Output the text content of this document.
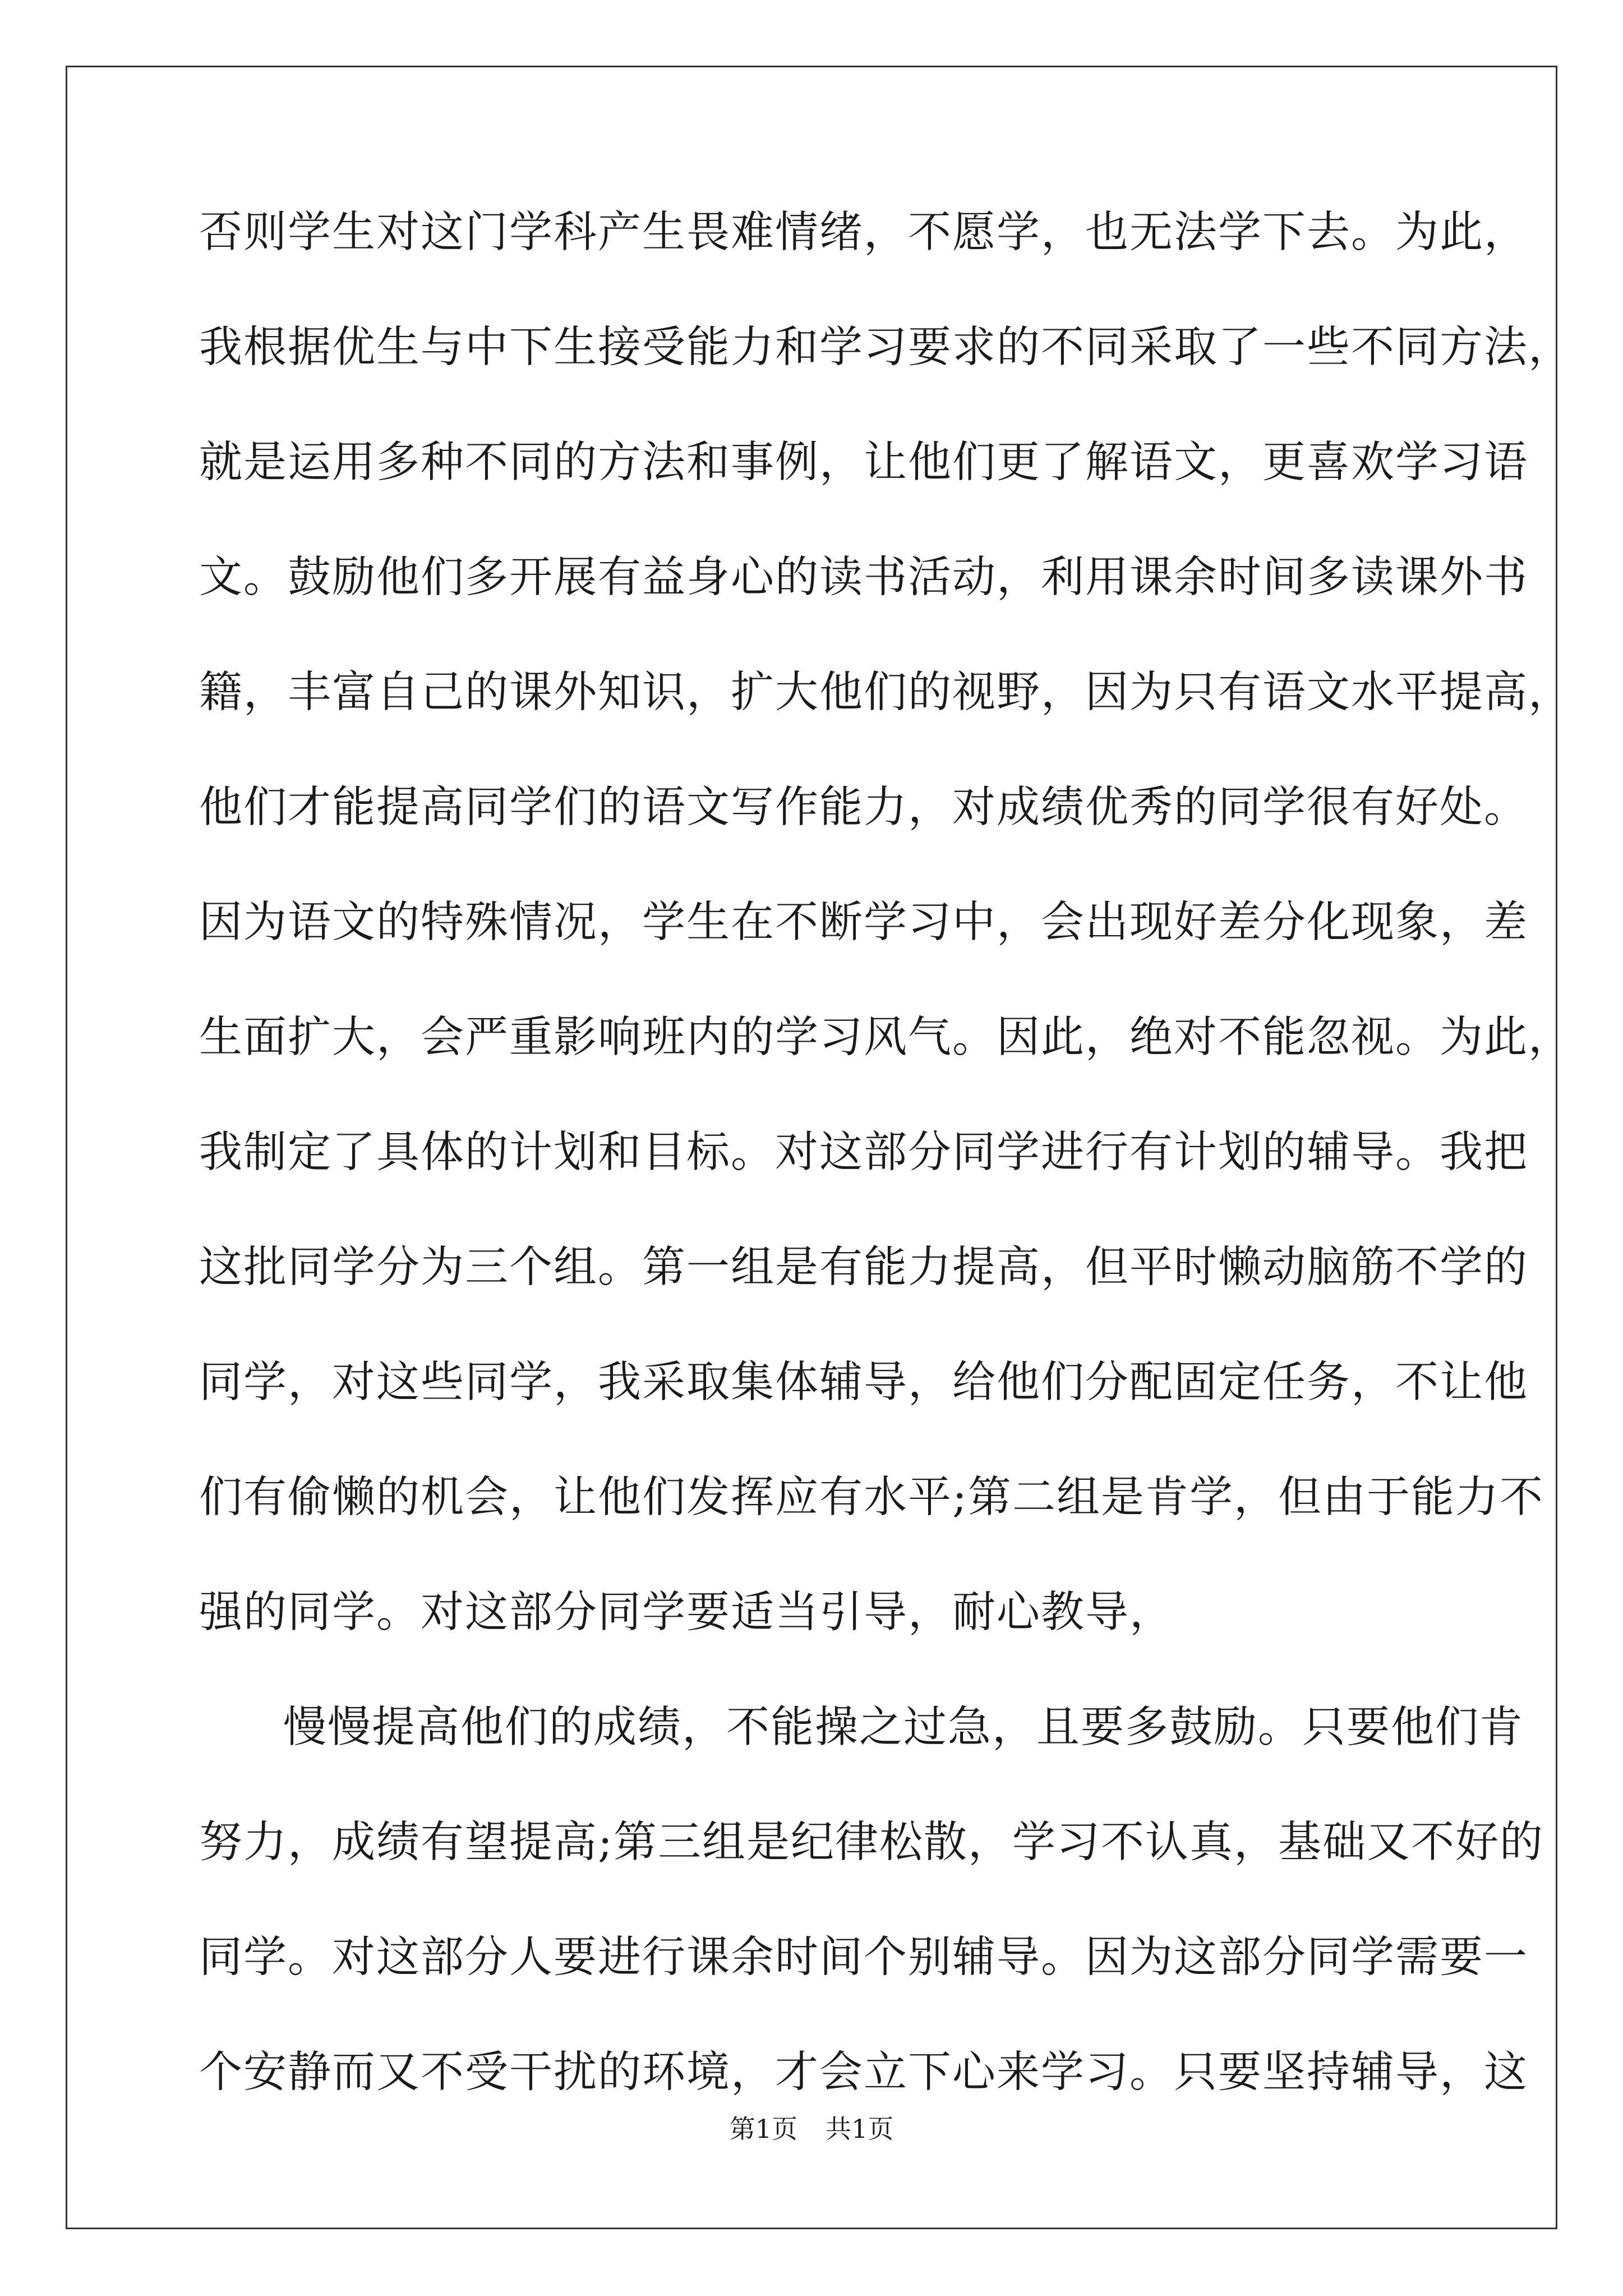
否则学生对这门学科产生畏难情绪，不愿学，也无法学下去。为此，
我根据优生与中下生接受能力和学习要求的不同采取了一些不同方法，
就是运用多种不同的方法和事例，让他们更了解语文，更喜欢学习语
文。鼓励他们多开展有益身心的读书活动，利用课余时间多读课外书
籍，丰富自己的课外知识，扩大他们的视野，因为只有语文水平提高，
他们才能提高同学们的语文写作能力，对成绩优秀的同学很有好处。
因为语文的特殊情况，学生在不断学习中，会出现好差分化现象，差
生面扩大，会严重影响班内的学习风气。因此，绝对不能忽视。为此，
我制定了具体的计划和目标。对这部分同学进行有计划的辅导。我把
这批同学分为三个组。第一组是有能力提高，但平时懒动脑筋不学的
同学，对这些同学，我采取集体辅导，给他们分配固定任务，不让他
们有偷懒的机会，让他们发挥应有水平;第二组是肯学，但由于能力不
强的同学。对这部分同学要适当引导，耐心教导，
慢慢提高他们的成绩，不能操之过急，且要多鼓励。只要他们肯
努力，成绩有望提高;第三组是纪律松散，学习不认真，基础又不好的
同学。对这部分人要进行课余时间个别辅导。因为这部分同学需要一
个安静而又不受干扰的环境，才会立下心来学习。只要坚持辅导，这
第1页 共1页
